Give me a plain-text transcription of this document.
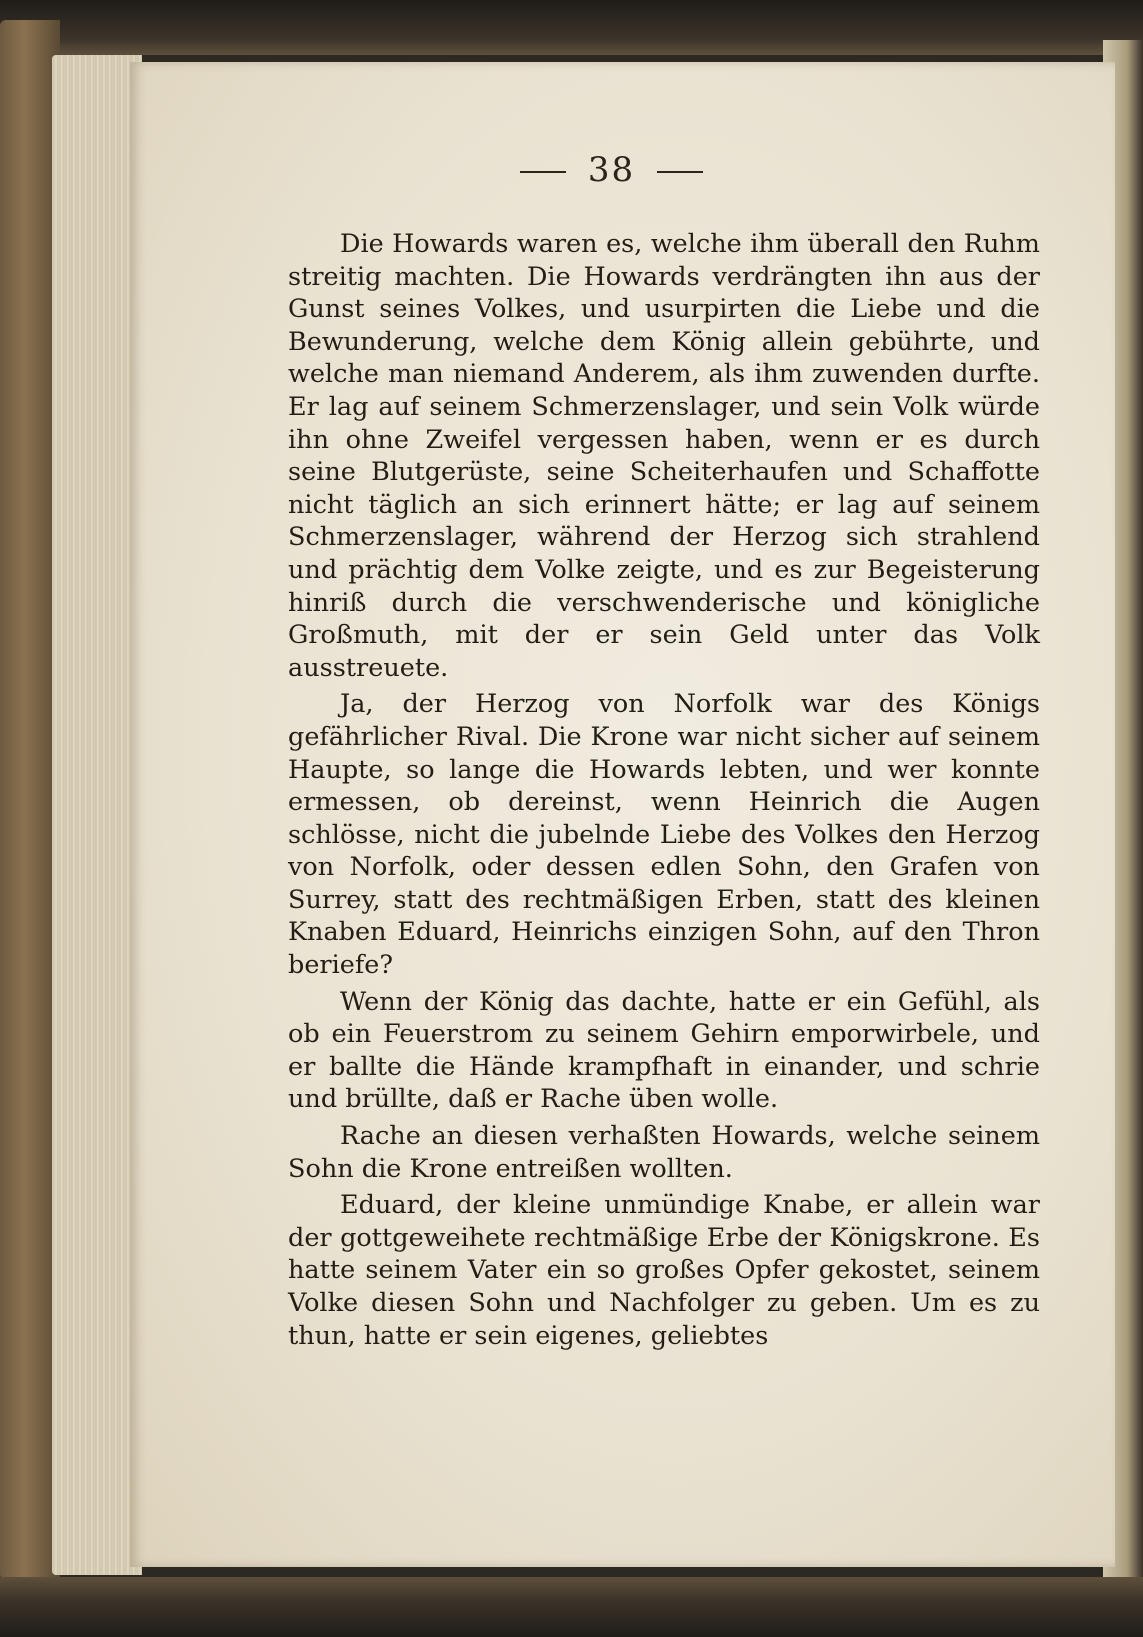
38

Die Howards waren es, welche ihm überall den Ruhm streitig machten. Die Howards verdrängten ihn aus der Gunst seines Volkes, und usurpirten die Liebe und die Bewunderung, welche dem König allein gebührte, und welche man niemand Anderem, als ihm zuwenden durfte. Er lag auf seinem Schmerzenslager, und sein Volk würde ihn ohne Zweifel vergessen haben, wenn er es durch seine Blutgerüste, seine Scheiterhaufen und Schaffotte nicht täglich an sich erinnert hätte; er lag auf seinem Schmerzenslager, während der Herzog sich strahlend und prächtig dem Volke zeigte, und es zur Begeisterung hinriß durch die verschwenderische und königliche Großmuth, mit der er sein Geld unter das Volk ausstreuete.

Ja, der Herzog von Norfolk war des Königs gefährlicher Rival. Die Krone war nicht sicher auf seinem Haupte, so lange die Howards lebten, und wer konnte ermessen, ob dereinst, wenn Heinrich die Augen schlösse, nicht die jubelnde Liebe des Volkes den Herzog von Norfolk, oder dessen edlen Sohn, den Grafen von Surrey, statt des rechtmäßigen Erben, statt des kleinen Knaben Eduard, Heinrichs einzigen Sohn, auf den Thron beriefe?

Wenn der König das dachte, hatte er ein Gefühl, als ob ein Feuerstrom zu seinem Gehirn emporwirbele, und er ballte die Hände krampfhaft in einander, und schrie und brüllte, daß er Rache üben wolle.

Rache an diesen verhaßten Howards, welche seinem Sohn die Krone entreißen wollten.

Eduard, der kleine unmündige Knabe, er allein war der gottgeweihete rechtmäßige Erbe der Königskrone. Es hatte seinem Vater ein so großes Opfer gekostet, seinem Volke diesen Sohn und Nachfolger zu geben. Um es zu thun, hatte er sein eigenes, geliebtes
